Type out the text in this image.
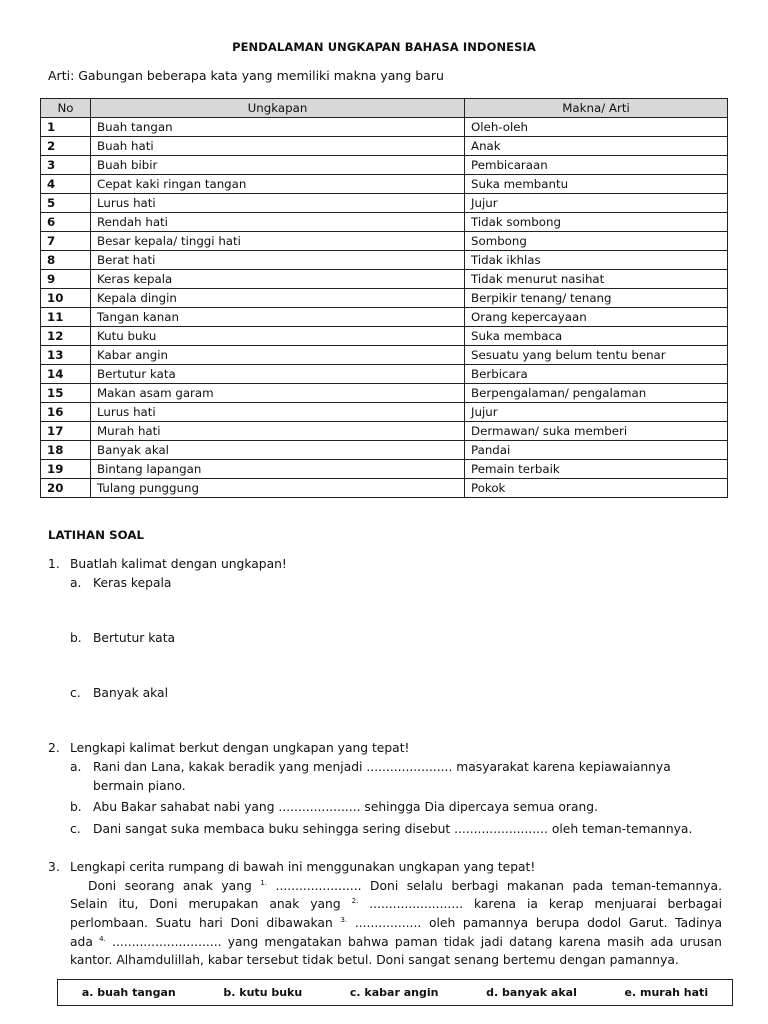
PENDALAMAN UNGKAPAN BAHASA INDONESIA
Arti: Gabungan beberapa kata yang memiliki makna yang baru
No	Ungkapan	Makna/ Arti
1	Buah tangan	Oleh-oleh
2	Buah hati	Anak
3	Buah bibir	Pembicaraan
4	Cepat kaki ringan tangan	Suka membantu
5	Lurus hati	Jujur
6	Rendah hati	Tidak sombong
7	Besar kepala/ tinggi hati	Sombong
8	Berat hati	Tidak ikhlas
9	Keras kepala	Tidak menurut nasihat
10	Kepala dingin	Berpikir tenang/ tenang
11	Tangan kanan	Orang kepercayaan
12	Kutu buku	Suka membaca
13	Kabar angin	Sesuatu yang belum tentu benar
14	Bertutur kata	Berbicara
15	Makan asam garam	Berpengalaman/ pengalaman
16	Lurus hati	Jujur
17	Murah hati	Dermawan/ suka memberi
18	Banyak akal	Pandai
19	Bintang lapangan	Pemain terbaik
20	Tulang punggung	Pokok
LATIHAN SOAL
1. Buatlah kalimat dengan ungkapan!
a. Keras kepala
b. Bertutur kata
c. Banyak akal
2. Lengkapi kalimat berkut dengan ungkapan yang tepat!
a. Rani dan Lana, kakak beradik yang menjadi ...................... masyarakat karena kepiawaiannya
bermain piano.
b. Abu Bakar sahabat nabi yang ..................... sehingga Dia dipercaya semua orang.
c. Dani sangat suka membaca buku sehingga sering disebut ........................ oleh teman-temannya.
3. Lengkapi cerita rumpang di bawah ini menggunakan ungkapan yang tepat!
Doni seorang anak yang $^{1.}$ ...................... Doni selalu berbagi makanan pada teman-temannya.
Selain itu, Doni merupakan anak yang $^{2.}$ ........................ karena ia kerap menjuarai berbagai
perlombaan. Suatu hari Doni dibawakan $^{3.}$ ................. oleh pamannya berupa dodol Garut. Tadinya
ada $^{4.}$ ............................ yang mengatakan bahwa paman tidak jadi datang karena masih ada urusan
kantor. Alhamdulillah, kabar tersebut tidak betul. Doni sangat senang bertemu dengan pamannya.
a. buah tangan	b. kutu buku	c. kabar angin	d. banyak akal	e. murah hati
